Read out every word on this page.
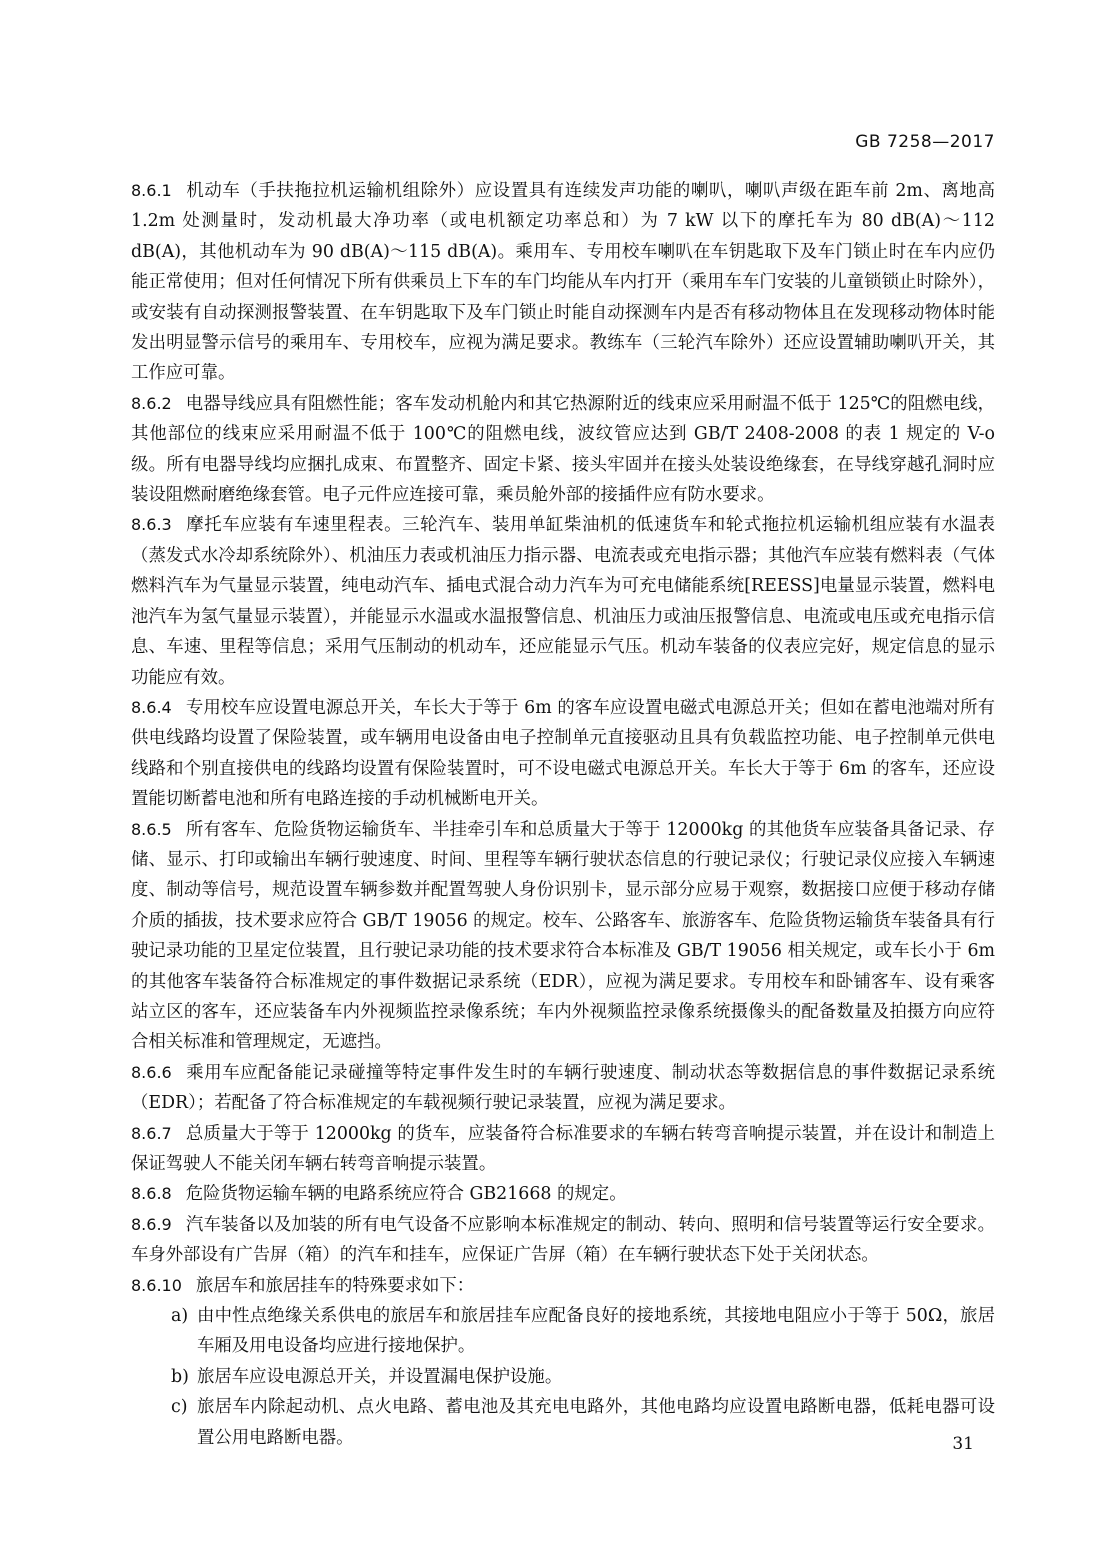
GB 7258—2017

8.6.1 机动车（手扶拖拉机运输机组除外）应设置具有连续发声功能的喇叭，喇叭声级在距车前 2m、离地高 1.2m 处测量时，发动机最大净功率（或电机额定功率总和）为 7 kW 以下的摩托车为 80 dB(A)～112 dB(A)，其他机动车为 90 dB(A)～115 dB(A)。乘用车、专用校车喇叭在车钥匙取下及车门锁止时在车内应仍能正常使用；但对任何情况下所有供乘员上下车的车门均能从车内打开（乘用车车门安装的儿童锁锁止时除外），或安装有自动探测报警装置、在车钥匙取下及车门锁止时能自动探测车内是否有移动物体且在发现移动物体时能发出明显警示信号的乘用车、专用校车，应视为满足要求。教练车（三轮汽车除外）还应设置辅助喇叭开关，其工作应可靠。

8.6.2 电器导线应具有阻燃性能；客车发动机舱内和其它热源附近的线束应采用耐温不低于 125℃的阻燃电线，其他部位的线束应采用耐温不低于 100℃的阻燃电线，波纹管应达到 GB/T 2408-2008 的表 1 规定的 V-o 级。所有电器导线均应捆扎成束、布置整齐、固定卡紧、接头牢固并在接头处装设绝缘套，在导线穿越孔洞时应装设阻燃耐磨绝缘套管。电子元件应连接可靠，乘员舱外部的接插件应有防水要求。

8.6.3 摩托车应装有车速里程表。三轮汽车、装用单缸柴油机的低速货车和轮式拖拉机运输机组应装有水温表（蒸发式水冷却系统除外）、机油压力表或机油压力指示器、电流表或充电指示器；其他汽车应装有燃料表（气体燃料汽车为气量显示装置，纯电动汽车、插电式混合动力汽车为可充电储能系统[REESS]电量显示装置，燃料电池汽车为氢气量显示装置），并能显示水温或水温报警信息、机油压力或油压报警信息、电流或电压或充电指示信息、车速、里程等信息；采用气压制动的机动车，还应能显示气压。机动车装备的仪表应完好，规定信息的显示功能应有效。

8.6.4 专用校车应设置电源总开关，车长大于等于 6m 的客车应设置电磁式电源总开关；但如在蓄电池端对所有供电线路均设置了保险装置，或车辆用电设备由电子控制单元直接驱动且具有负载监控功能、电子控制单元供电线路和个别直接供电的线路均设置有保险装置时，可不设电磁式电源总开关。车长大于等于 6m 的客车，还应设置能切断蓄电池和所有电路连接的手动机械断电开关。

8.6.5 所有客车、危险货物运输货车、半挂牵引车和总质量大于等于 12000kg 的其他货车应装备具备记录、存储、显示、打印或输出车辆行驶速度、时间、里程等车辆行驶状态信息的行驶记录仪；行驶记录仪应接入车辆速度、制动等信号，规范设置车辆参数并配置驾驶人身份识别卡，显示部分应易于观察，数据接口应便于移动存储介质的插拔，技术要求应符合 GB/T 19056 的规定。校车、公路客车、旅游客车、危险货物运输货车装备具有行驶记录功能的卫星定位装置，且行驶记录功能的技术要求符合本标准及 GB/T 19056 相关规定，或车长小于 6m 的其他客车装备符合标准规定的事件数据记录系统（EDR），应视为满足要求。专用校车和卧铺客车、设有乘客站立区的客车，还应装备车内外视频监控录像系统；车内外视频监控录像系统摄像头的配备数量及拍摄方向应符合相关标准和管理规定，无遮挡。

8.6.6 乘用车应配备能记录碰撞等特定事件发生时的车辆行驶速度、制动状态等数据信息的事件数据记录系统（EDR）；若配备了符合标准规定的车载视频行驶记录装置，应视为满足要求。

8.6.7 总质量大于等于 12000kg 的货车，应装备符合标准要求的车辆右转弯音响提示装置，并在设计和制造上保证驾驶人不能关闭车辆右转弯音响提示装置。

8.6.8 危险货物运输车辆的电路系统应符合 GB21668 的规定。

8.6.9 汽车装备以及加装的所有电气设备不应影响本标准规定的制动、转向、照明和信号装置等运行安全要求。车身外部设有广告屏（箱）的汽车和挂车，应保证广告屏（箱）在车辆行驶状态下处于关闭状态。

8.6.10 旅居车和旅居挂车的特殊要求如下：

a) 由中性点绝缘关系供电的旅居车和旅居挂车应配备良好的接地系统，其接地电阻应小于等于 50Ω，旅居车厢及用电设备均应进行接地保护。
b) 旅居车应设电源总开关，并设置漏电保护设施。
c) 旅居车内除起动机、点火电路、蓄电池及其充电电路外，其他电路均应设置电路断电器，低耗电器可设置公用电路断电器。	31
